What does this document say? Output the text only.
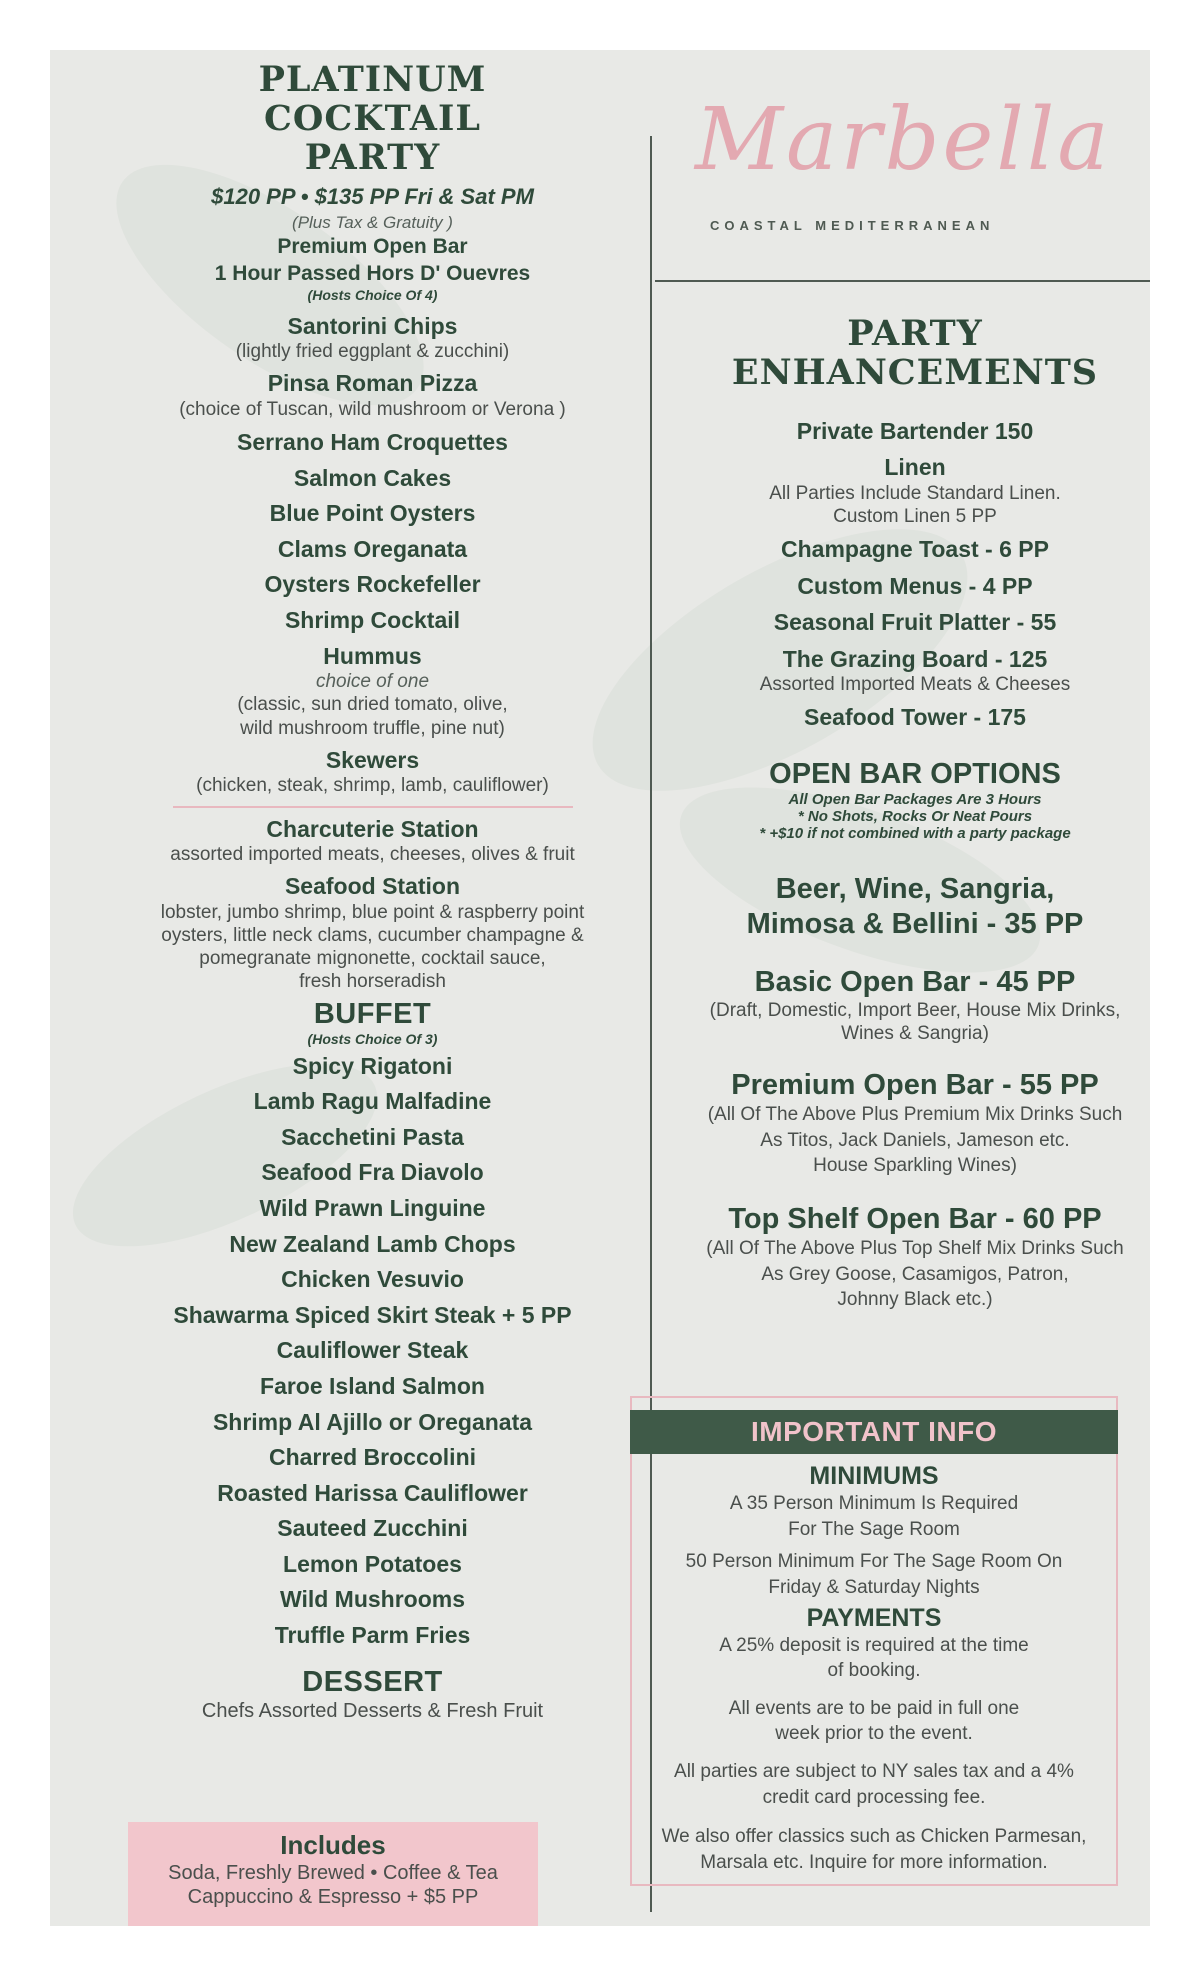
PLATINUM
COCKTAIL
PARTY
$120 PP • $135 PP Fri & Sat PM
(Plus Tax & Gratuity )
Premium Open Bar
1 Hour Passed Hors D' Ouevres
(Hosts Choice Of 4)
Santorini Chips
(lightly fried eggplant & zucchini)
Pinsa Roman Pizza
(choice of Tuscan, wild mushroom or Verona )
Serrano Ham Croquettes
Salmon Cakes
Blue Point Oysters
Clams Oreganata
Oysters Rockefeller
Shrimp Cocktail
Hummus
choice of one
(classic, sun dried tomato, olive,
wild mushroom truffle, pine nut)
Skewers
(chicken, steak, shrimp, lamb, cauliflower)
Charcuterie Station
assorted imported meats, cheeses, olives & fruit
Seafood Station
lobster, jumbo shrimp, blue point & raspberry point
oysters, little neck clams, cucumber champagne &
pomegranate mignonette, cocktail sauce,
fresh horseradish
BUFFET
(Hosts Choice Of 3)
Spicy Rigatoni
Lamb Ragu Malfadine
Sacchetini Pasta
Seafood Fra Diavolo
Wild Prawn Linguine
New Zealand Lamb Chops
Chicken Vesuvio
Shawarma Spiced Skirt Steak + 5 PP
Cauliflower Steak
Faroe Island Salmon
Shrimp Al Ajillo or Oreganata
Charred Broccolini
Roasted Harissa Cauliflower
Sauteed Zucchini
Lemon Potatoes
Wild Mushrooms
Truffle Parm Fries
DESSERT
Chefs Assorted Desserts & Fresh Fruit
Includes
Soda, Freshly Brewed • Coffee & Tea
Cappuccino & Espresso + $5 PP
Marbella
COASTAL MEDITERRANEAN
PARTY
ENHANCEMENTS
Private Bartender 150
Linen
All Parties Include Standard Linen.
Custom Linen 5 PP
Champagne Toast - 6 PP
Custom Menus - 4 PP
Seasonal Fruit Platter - 55
The Grazing Board - 125
Assorted Imported Meats & Cheeses
Seafood Tower - 175
OPEN BAR OPTIONS
All Open Bar Packages Are 3 Hours
* No Shots, Rocks Or Neat Pours
* +$10 if not combined with a party package
Beer, Wine, Sangria,
Mimosa & Bellini - 35 PP
Basic Open Bar - 45 PP
(Draft, Domestic, Import Beer, House Mix Drinks,
Wines & Sangria)
Premium Open Bar - 55 PP
(All Of The Above Plus Premium Mix Drinks Such
As Titos, Jack Daniels, Jameson etc.
House Sparkling Wines)
Top Shelf Open Bar - 60 PP
(All Of The Above Plus Top Shelf Mix Drinks Such
As Grey Goose, Casamigos, Patron,
Johnny Black etc.)
IMPORTANT INFO
MINIMUMS
A 35 Person Minimum Is Required
For The Sage Room
50 Person Minimum For The Sage Room On
Friday & Saturday Nights
PAYMENTS
A 25% deposit is required at the time
of booking.
All events are to be paid in full one
week prior to the event.
All parties are subject to NY sales tax and a 4%
credit card processing fee.
We also offer classics such as Chicken Parmesan,
Marsala etc. Inquire for more information.
